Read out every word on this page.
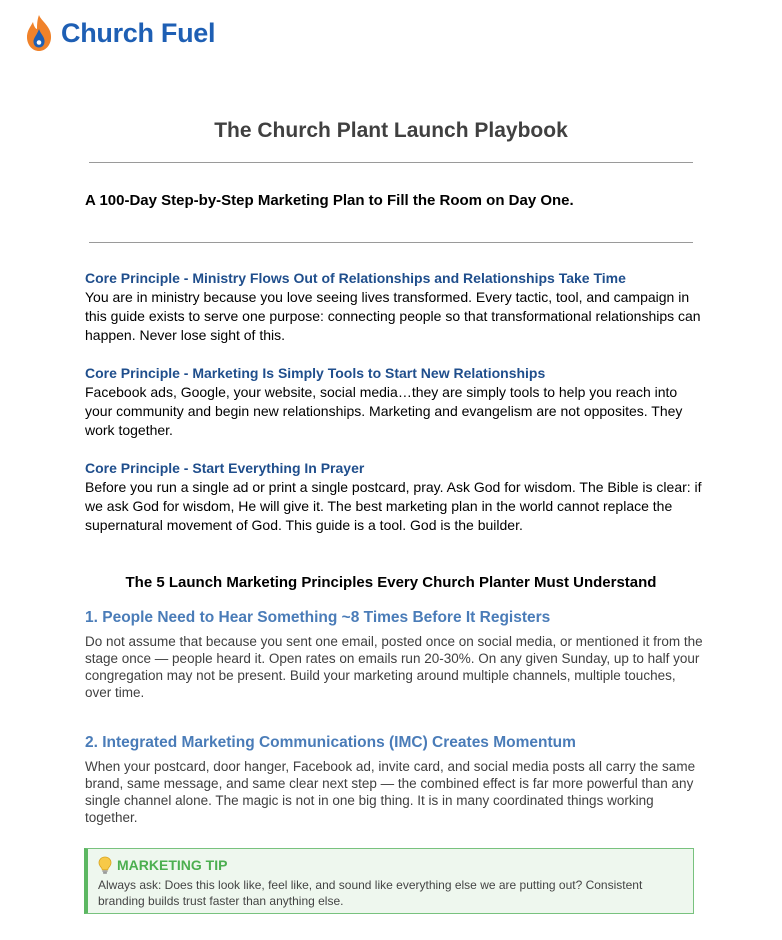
Church Fuel
The Church Plant Launch Playbook
A 100-Day Step-by-Step Marketing Plan to Fill the Room on Day One.
Core Principle - Ministry Flows Out of Relationships and Relationships Take Time

You are in ministry because you love seeing lives transformed. Every tactic, tool, and campaign in this guide exists to serve one purpose: connecting people so that transformational relationships can happen. Never lose sight of this.

Core Principle - Marketing Is Simply Tools to Start New Relationships

Facebook ads, Google, your website, social media…they are simply tools to help you reach into your community and begin new relationships. Marketing and evangelism are not opposites. They work together.

Core Principle - Start Everything In Prayer

Before you run a single ad or print a single postcard, pray. Ask God for wisdom. The Bible is clear: if we ask God for wisdom, He will give it. The best marketing plan in the world cannot replace the supernatural movement of God. This guide is a tool. God is the builder.

The 5 Launch Marketing Principles Every Church Planter Must Understand
1. People Need to Hear Something ~8 Times Before It Registers

Do not assume that because you sent one email, posted once on social media, or mentioned it from the stage once — people heard it. Open rates on emails run 20-30%. On any given Sunday, up to half your congregation may not be present. Build your marketing around multiple channels, multiple touches, over time.

2. Integrated Marketing Communications (IMC) Creates Momentum

When your postcard, door hanger, Facebook ad, invite card, and social media posts all carry the same brand, same message, and same clear next step — the combined effect is far more powerful than any single channel alone. The magic is not in one big thing. It is in many coordinated things working together.

MARKETING TIP

Always ask: Does this look like, feel like, and sound like everything else we are putting out? Consistent branding builds trust faster than anything else.
